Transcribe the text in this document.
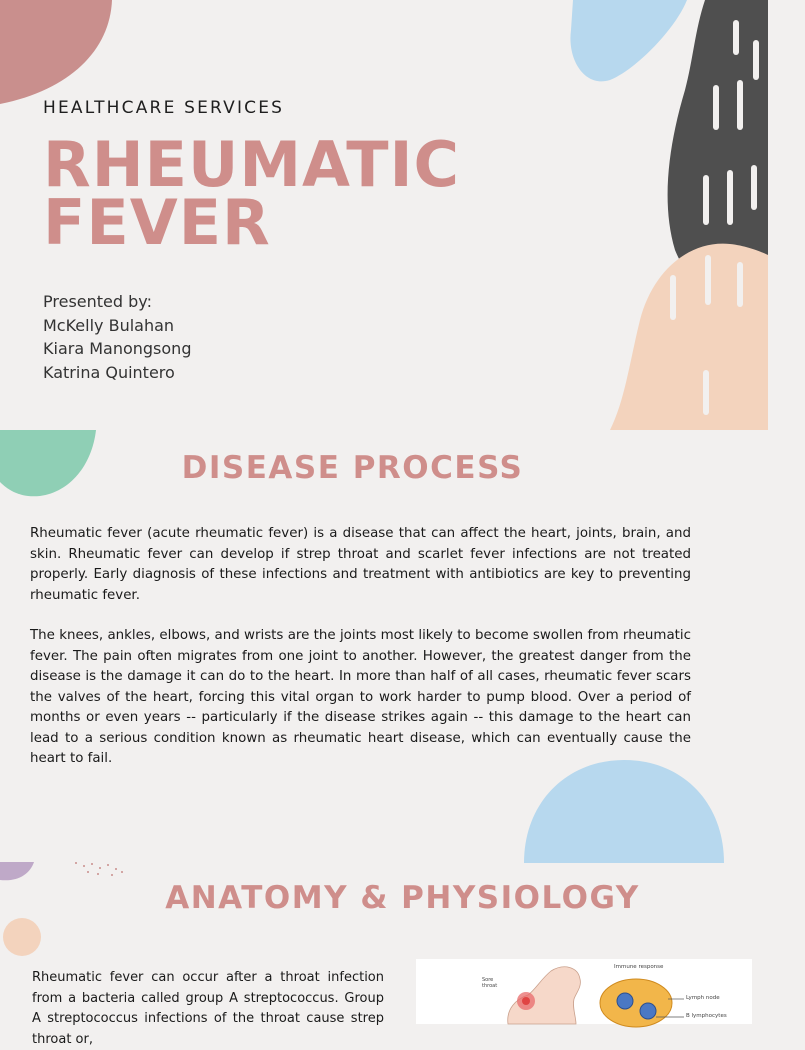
HEALTHCARE SERVICES
RHEUMATIC
FEVER
Presented by:
McKelly Bulahan
Kiara Manongsong
Katrina Quintero
DISEASE PROCESS
Rheumatic fever (acute rheumatic fever) is a disease that can affect the heart, joints, brain, and skin. Rheumatic fever can develop if strep throat and scarlet fever infections are not treated properly. Early diagnosis of these infections and treatment with antibiotics are key to preventing rheumatic fever.
The knees, ankles, elbows, and wrists are the joints most likely to become swollen from rheumatic fever. The pain often migrates from one joint to another. However, the greatest danger from the disease is the damage it can do to the heart. In more than half of all cases, rheumatic fever scars the valves of the heart, forcing this vital organ to work harder to pump blood. Over a period of months or even years -- particularly if the disease strikes again -- this damage to the heart can lead to a serious condition known as rheumatic heart disease, which can eventually cause the heart to fail.
ANATOMY & PHYSIOLOGY
Rheumatic fever can occur after a throat infection from a bacteria called group A streptococcus. Group A streptococcus infections of the throat cause strep throat or,
Sore throat
Immune response
Lymph node
B lymphocytes
